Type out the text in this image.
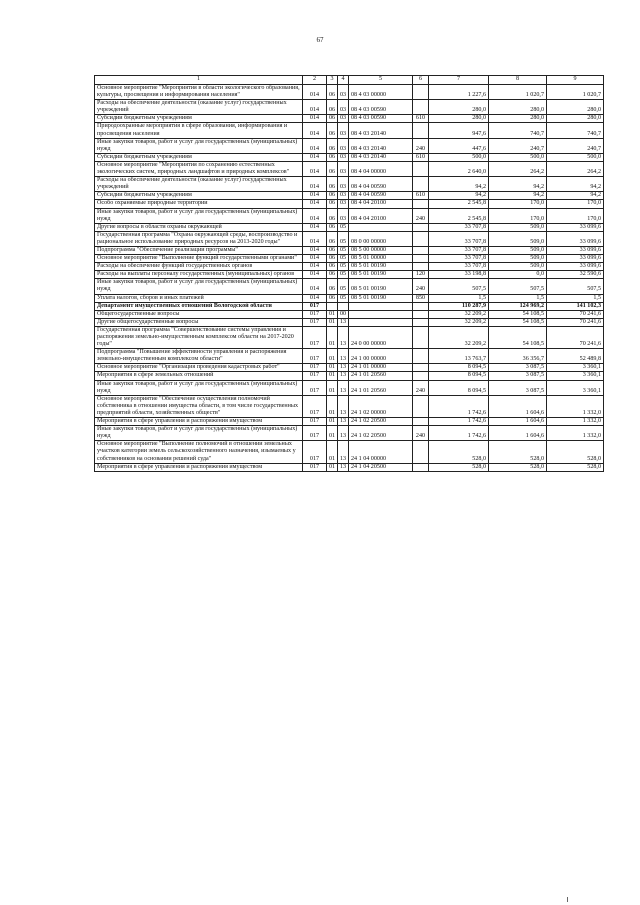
67
1	2	3	4	5	6	7	8	9
Основное мероприятие "Мероприятия в области экологического образования, культуры, просвещения и информирования населения"	014	06	03	08 4 03 00000		1 227,6	1 020,7	1 020,7
Расходы на обеспечение деятельности (оказание услуг) государственных учреждений	014	06	03	08 4 03 00590		280,0	280,0	280,0
Субсидии бюджетным учреждениям	014	06	03	08 4 03 00590	610	280,0	280,0	280,0
Природоохранные мероприятия в сфере образования, информирования и просвещения населения	014	06	03	08 4 03 20140		947,6	740,7	740,7
Иные закупки товаров, работ и услуг для государственных (муниципальных) нужд	014	06	03	08 4 03 20140	240	447,6	240,7	240,7
Субсидии бюджетным учреждениям	014	06	03	08 4 03 20140	610	500,0	500,0	500,0
Основное мероприятие "Мероприятия по сохранению естественных экологических систем, природных ландшафтов и природных комплексов"	014	06	03	08 4 04 00000		2 640,0	264,2	264,2
Расходы на обеспечение деятельности (оказание услуг) государственных учреждений	014	06	03	08 4 04 00590		94,2	94,2	94,2
Субсидии бюджетным учреждениям	014	06	03	08 4 04 00590	610	94,2	94,2	94,2
Особо охраняемые природные территории	014	06	03	08 4 04 20100		2 545,8	170,0	170,0
Иные закупки товаров, работ и услуг для государственных (муниципальных) нужд	014	06	03	08 4 04 20100	240	2 545,8	170,0	170,0
Другие вопросы в области охраны окружающей	014	06	05			33 707,8	509,0	33 099,6
Государственная программа "Охрана окружающей среды, воспроизводство и рациональное использование природных ресурсов на 2013-2020 годы"	014	06	05	08 0 00 00000		33 707,8	509,0	33 099,6
Подпрограмма "Обеспечение реализации программы"	014	06	05	08 5 00 00000		33 707,8	509,0	33 099,6
Основное мероприятие "Выполнение функций государственными органами"	014	06	05	08 5 01 00000		33 707,8	509,0	33 099,6
Расходы на обеспечение функций государственных органов	014	06	05	08 5 01 00190		33 707,8	509,0	33 099,6
Расходы на выплаты персоналу государственных (муниципальных) органов	014	06	05	08 5 01 00190	120	33 198,8	0,0	32 590,6
Иные закупки товаров, работ и услуг для государственных (муниципальных) нужд	014	06	05	08 5 01 00190	240	507,5	507,5	507,5
Уплата налогов, сборов и иных платежей	014	06	05	08 5 01 00190	850	1,5	1,5	1,5
Департамент имущественных отношений Вологодской области	017					110 287,9	124 969,2	141 102,3
Общегосударственные вопросы	017	01	00			32 209,2	54 108,5	70 241,6
Другие общегосударственные вопросы	017	01	13			32 209,2	54 108,5	70 241,6
Государственная программа "Совершенствование системы управления и распоряжения земельно-имущественным комплексом области на 2017-2020 годы"	017	01	13	24 0 00 00000		32 209,2	54 108,5	70 241,6
Подпрограмма "Повышение эффективности управления и распоряжения земельно-имущественным комплексом области"	017	01	13	24 1 00 00000		13 763,7	36 356,7	52 489,8
Основное мероприятие "Организация проведения кадастровых работ"	017	01	13	24 1 01 00000		8 094,5	3 087,5	3 360,1
Мероприятия в сфере земельных отношений	017	01	13	24 1 01 20560		8 094,5	3 087,5	3 360,1
Иные закупки товаров, работ и услуг для государственных (муниципальных) нужд	017	01	13	24 1 01 20560	240	8 094,5	3 087,5	3 360,1
Основное мероприятие "Обеспечение осуществления полномочий собственника в отношении имущества области, в том числе государственных предприятий области, хозяйственных обществ"	017	01	13	24 1 02 00000		1 742,6	1 604,6	1 332,0
Мероприятия в сфере управления и распоряжения имуществом	017	01	13	24 1 02 20500		1 742,6	1 604,6	1 332,0
Иные закупки товаров, работ и услуг для государственных (муниципальных) нужд	017	01	13	24 1 02 20500	240	1 742,6	1 604,6	1 332,0
Основное мероприятие "Выполнение полномочий в отношении земельных участков категории земель сельскохозяйственного назначения, изымаемых у собственников на основании решений суда"	017	01	13	24 1 04 00000		528,0	528,0	528,0
Мероприятия в сфере управления и распоряжения имуществом	017	01	13	24 1 04 20500		528,0	528,0	528,0
